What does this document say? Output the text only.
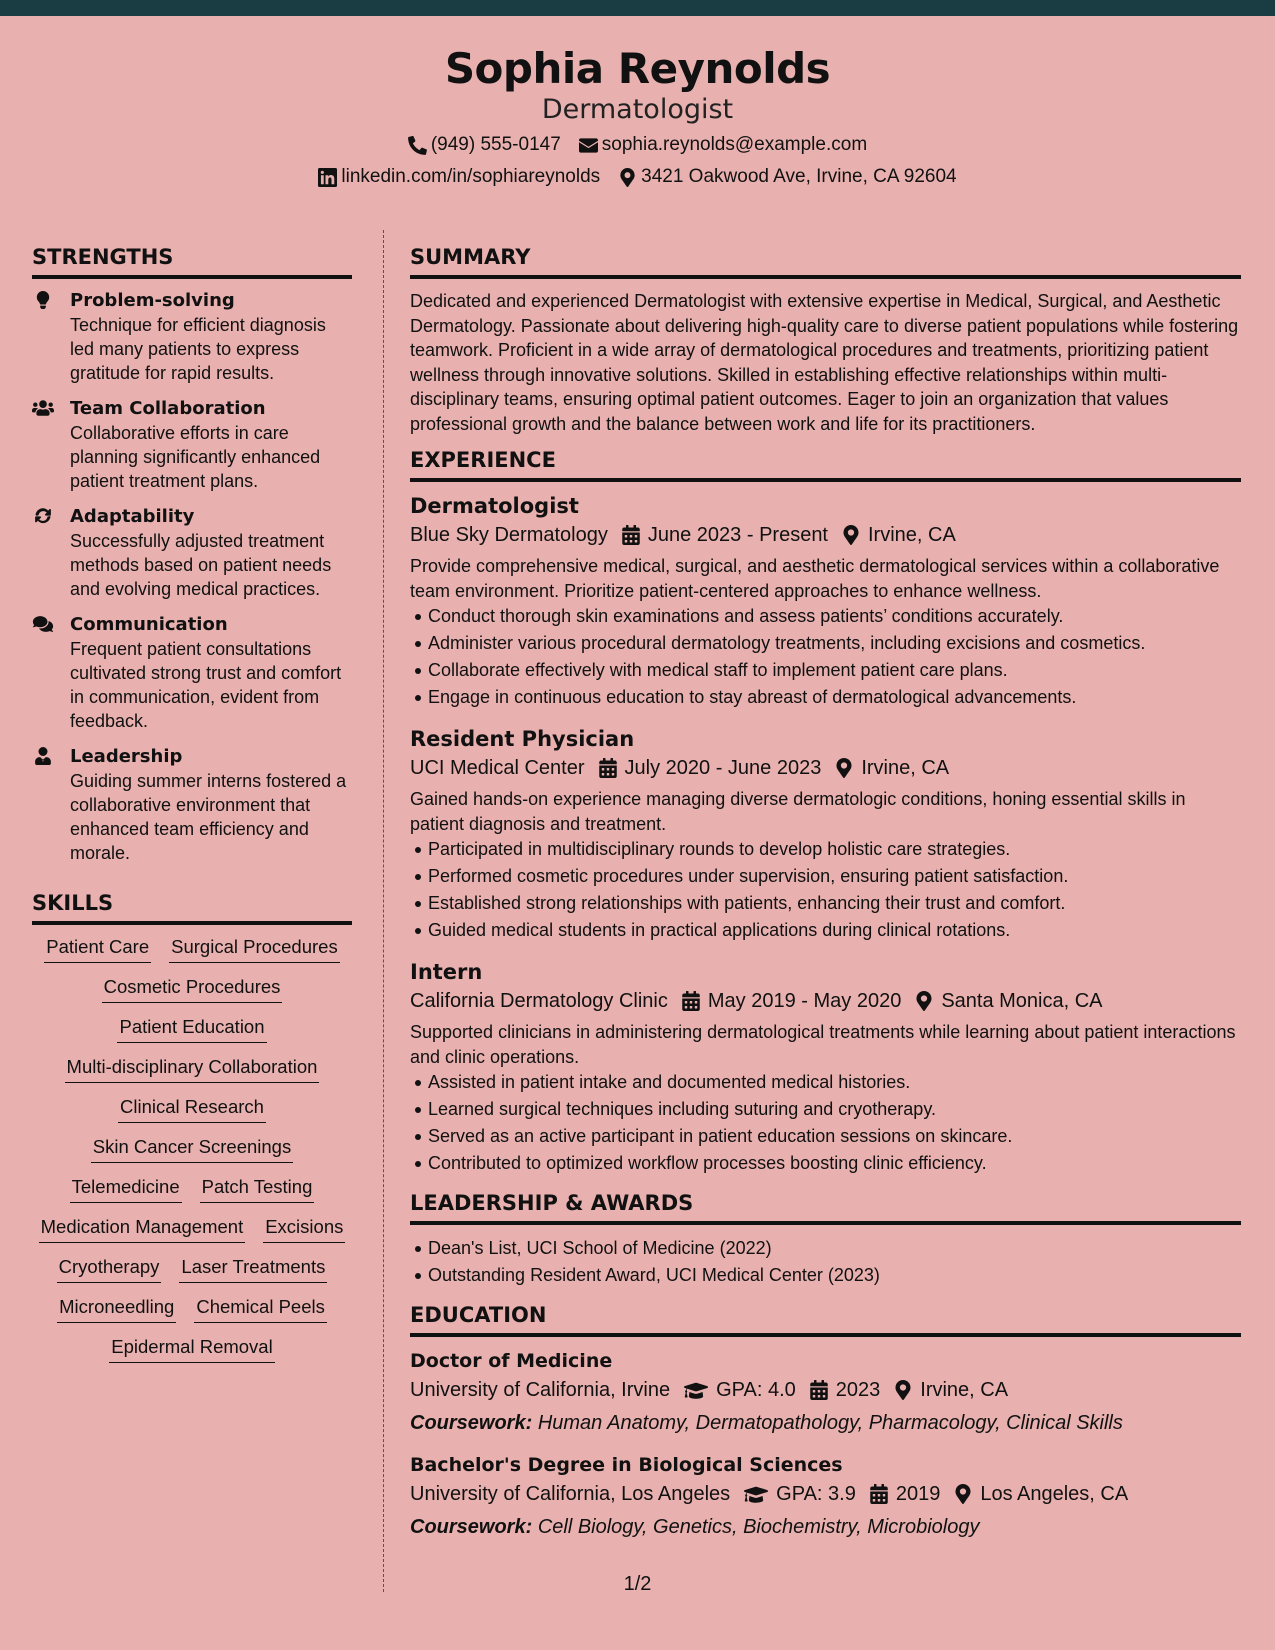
Sophia Reynolds
Dermatologist
(949) 555-0147 sophia.reynolds@example.com
linkedin.com/in/sophiareynolds 3421 Oakwood Ave, Irvine, CA 92604
STRENGTHS
Problem-solving
Technique for efficient diagnosis led many patients to express gratitude for rapid results.
Team Collaboration
Collaborative efforts in care planning significantly enhanced patient treatment plans.
Adaptability
Successfully adjusted treatment methods based on patient needs and evolving medical practices.
Communication
Frequent patient consultations cultivated strong trust and comfort in communication, evident from feedback.
Leadership
Guiding summer interns fostered a collaborative environment that enhanced team efficiency and morale.
SKILLS
Patient Care Surgical Procedures
Cosmetic Procedures
Patient Education
Multi-disciplinary Collaboration
Clinical Research
Skin Cancer Screenings
Telemedicine Patch Testing
Medication Management Excisions
Cryotherapy Laser Treatments
Microneedling Chemical Peels
Epidermal Removal
SUMMARY

Dedicated and experienced Dermatologist with extensive expertise in Medical, Surgical, and Aesthetic Dermatology. Passionate about delivering high-quality care to diverse patient populations while fostering teamwork. Proficient in a wide array of dermatological procedures and treatments, prioritizing patient wellness through innovative solutions. Skilled in establishing effective relationships within multi-disciplinary teams, ensuring optimal patient outcomes. Eager to join an organization that values professional growth and the balance between work and life for its practitioners.

EXPERIENCE
Dermatologist
Blue Sky Dermatology June 2023 - Present Irvine, CA

Provide comprehensive medical, surgical, and aesthetic dermatological services within a collaborative team environment. Prioritize patient-centered approaches to enhance wellness.

Conduct thorough skin examinations and assess patients’ conditions accurately.
Administer various procedural dermatology treatments, including excisions and cosmetics.
Collaborate effectively with medical staff to implement patient care plans.
Engage in continuous education to stay abreast of dermatological advancements.
Resident Physician
UCI Medical Center July 2020 - June 2023 Irvine, CA

Gained hands-on experience managing diverse dermatologic conditions, honing essential skills in patient diagnosis and treatment.

Participated in multidisciplinary rounds to develop holistic care strategies.
Performed cosmetic procedures under supervision, ensuring patient satisfaction.
Established strong relationships with patients, enhancing their trust and comfort.
Guided medical students in practical applications during clinical rotations.
Intern
California Dermatology Clinic May 2019 - May 2020 Santa Monica, CA

Supported clinicians in administering dermatological treatments while learning about patient interactions and clinic operations.

Assisted in patient intake and documented medical histories.
Learned surgical techniques including suturing and cryotherapy.
Served as an active participant in patient education sessions on skincare.
Contributed to optimized workflow processes boosting clinic efficiency.
LEADERSHIP & AWARDS
Dean's List, UCI School of Medicine (2022)
Outstanding Resident Award, UCI Medical Center (2023)
EDUCATION
Doctor of Medicine
University of California, Irvine GPA: 4.0 2023 Irvine, CA
Coursework: Human Anatomy, Dermatopathology, Pharmacology, Clinical Skills
Bachelor's Degree in Biological Sciences
University of California, Los Angeles GPA: 3.9 2019 Los Angeles, CA
Coursework: Cell Biology, Genetics, Biochemistry, Microbiology
1/2
